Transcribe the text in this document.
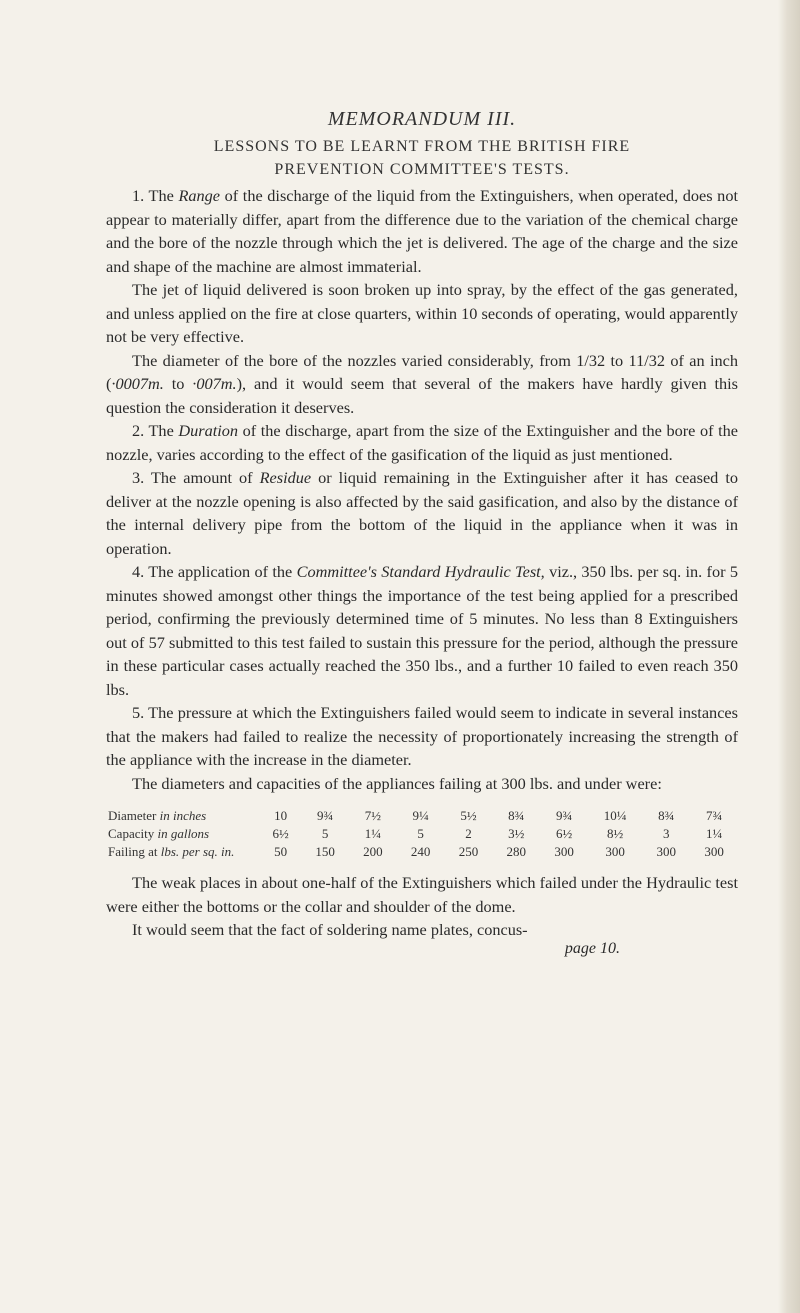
MEMORANDUM III.
LESSONS TO BE LEARNT FROM THE BRITISH FIRE
PREVENTION COMMITTEE'S TESTS.

1. The Range of the discharge of the liquid from the Extinguishers, when operated, does not appear to materially differ, apart from the difference due to the variation of the chemical charge and the bore of the nozzle through which the jet is delivered. The age of the charge and the size and shape of the machine are almost immaterial.

The jet of liquid delivered is soon broken up into spray, by the effect of the gas generated, and unless applied on the fire at close quarters, within 10 seconds of operating, would apparently not be very effective.

The diameter of the bore of the nozzles varied considerably, from 1/32 to 11/32 of an inch (·0007m. to ·007m.), and it would seem that several of the makers have hardly given this question the consideration it deserves.

2. The Duration of the discharge, apart from the size of the Extinguisher and the bore of the nozzle, varies according to the effect of the gasification of the liquid as just mentioned.

3. The amount of Residue or liquid remaining in the Extinguisher after it has ceased to deliver at the nozzle opening is also affected by the said gasification, and also by the distance of the internal delivery pipe from the bottom of the liquid in the appliance when it was in operation.

4. The application of the Committee's Standard Hydraulic Test, viz., 350 lbs. per sq. in. for 5 minutes showed amongst other things the importance of the test being applied for a prescribed period, confirming the previously determined time of 5 minutes. No less than 8 Extinguishers out of 57 submitted to this test failed to sustain this pressure for the period, although the pressure in these particular cases actually reached the 350 lbs., and a further 10 failed to even reach 350 lbs.

5. The pressure at which the Extinguishers failed would seem to indicate in several instances that the makers had failed to realize the necessity of proportionately increasing the strength of the appliance with the increase in the diameter.

The diameters and capacities of the appliances failing at 300 lbs. and under were:

Diameter in inches	10	9¾	7½	9¼	5½	8¾	9¾	10¼	8¾	7¾
Capacity in gallons	6½	5	1¼	5	2	3½	6½	8½	3	1¼
Failing at lbs. per sq. in.	50	150	200	240	250	280	300	300	300	300

The weak places in about one-half of the Extinguishers which failed under the Hydraulic test were either the bottoms or the collar and shoulder of the dome.

It would seem that the fact of soldering name plates, concus-

page 10.
